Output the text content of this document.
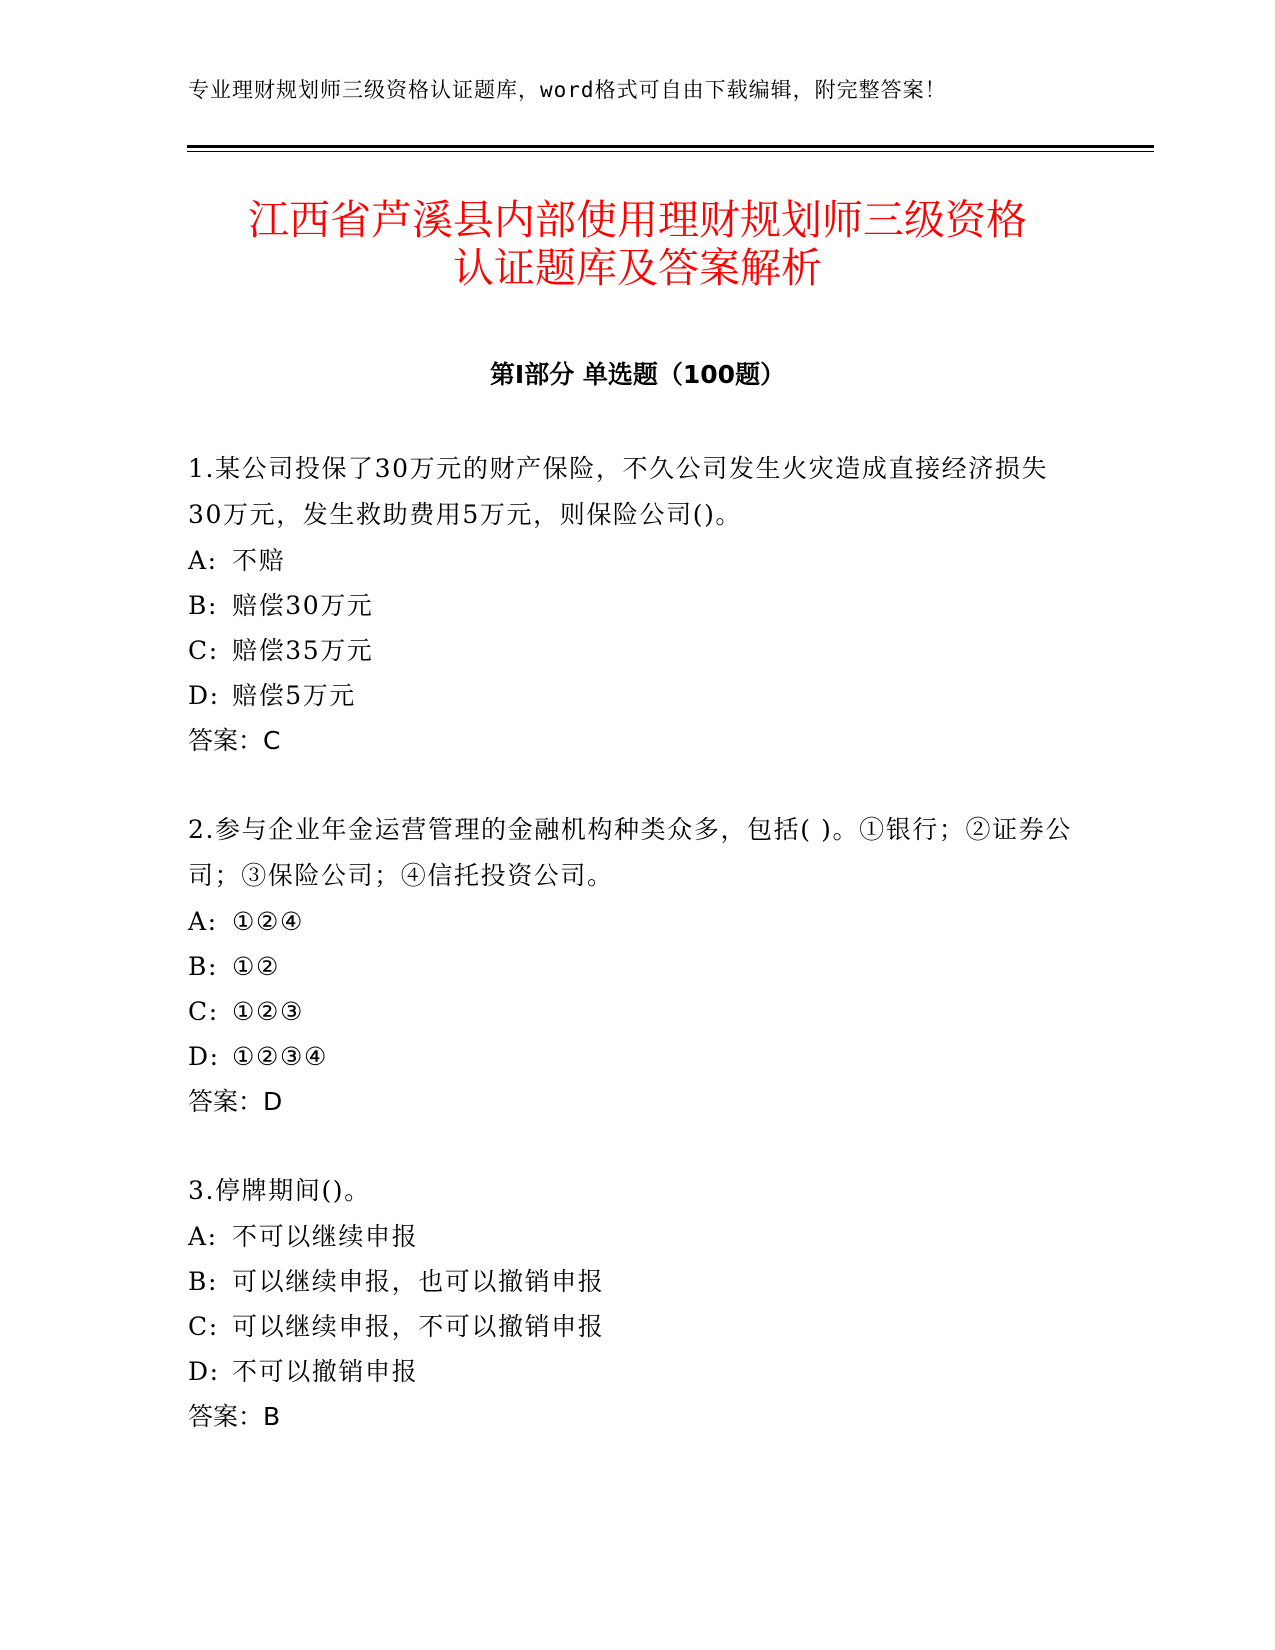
专业理财规划师三级资格认证题库，word格式可自由下载编辑，附完整答案！
江西省芦溪县内部使用理财规划师三级资格
认证题库及答案解析
第Ⅰ部分 单选题（100题）

1.某公司投保了30万元的财产保险，不久公司发生火灾造成直接经济损失30万元，发生救助费用5万元，则保险公司()。

A: 不赔

B: 赔偿30万元

C: 赔偿35万元

D: 赔偿5万元

答案：C

2.参与企业年金运营管理的金融机构种类众多，包括( )。①银行；②证券公司；③保险公司；④信托投资公司。

A: ①②④

B: ①②

C: ①②③

D: ①②③④

答案：D

3.停牌期间()。

A: 不可以继续申报

B: 可以继续申报，也可以撤销申报

C: 可以继续申报，不可以撤销申报

D: 不可以撤销申报

答案：B
